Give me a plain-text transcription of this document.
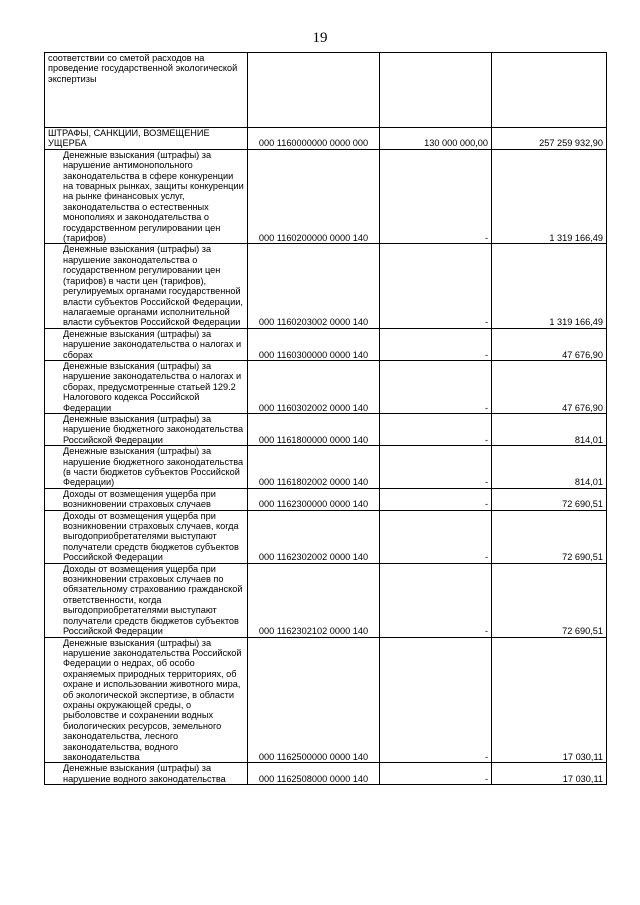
19
соответствии со сметой расходов на проведение государственной экологической экспертизы			
ШТРАФЫ, САНКЦИИ, ВОЗМЕЩЕНИЕ УЩЕРБА	000 1160000000 0000 000	130 000 000,00	257 259 932,90
Денежные взыскания (штрафы) за нарушение антимонопольного законодательства в сфере конкуренции на товарных рынках, защиты конкуренции на рынке финансовых услуг, законодательства о естественных монополиях и законодательства о государственном регулировании цен (тарифов)	000 1160200000 0000 140	-	1 319 166,49
Денежные взыскания (штрафы) за нарушение законодательства о государственном регулировании цен (тарифов) в части цен (тарифов), регулируемых органами государственной власти субъектов Российской Федерации, налагаемые органами исполнительной власти субъектов Российской Федерации	000 1160203002 0000 140	-	1 319 166,49
Денежные взыскания (штрафы) за нарушение законодательства о налогах и сборах	000 1160300000 0000 140	-	47 676,90
Денежные взыскания (штрафы) за нарушение законодательства о налогах и сборах, предусмотренные статьей 129.2 Налогового кодекса Российской Федерации	000 1160302002 0000 140	-	47 676,90
Денежные взыскания (штрафы) за нарушение бюджетного законодательства Российской Федерации	000 1161800000 0000 140	-	814,01
Денежные взыскания (штрафы) за нарушение бюджетного законодательства (в части бюджетов субъектов Российской Федерации)	000 1161802002 0000 140	-	814,01
Доходы от возмещения ущерба при возникновении страховых случаев	000 1162300000 0000 140	-	72 690,51
Доходы от возмещения ущерба при возникновении страховых случаев, когда выгодоприобретателями выступают получатели средств бюджетов субъектов Российской Федерации	000 1162302002 0000 140	-	72 690,51
Доходы от возмещения ущерба при возникновении страховых случаев по обязательному страхованию гражданской ответственности, когда выгодоприобретателями выступают получатели средств бюджетов субъектов Российской Федерации	000 1162302102 0000 140	-	72 690,51
Денежные взыскания (штрафы) за нарушение законодательства Российской Федерации о недрах, об особо охраняемых природных территориях, об охране и использовании животного мира, об экологической экспертизе, в области охраны окружающей среды, о рыболовстве и сохранении водных биологических ресурсов, земельного законодательства, лесного законодательства, водного законодательства	000 1162500000 0000 140	-	17 030,11
Денежные взыскания (штрафы) за нарушение водного законодательства	000 1162508000 0000 140	-	17 030,11
